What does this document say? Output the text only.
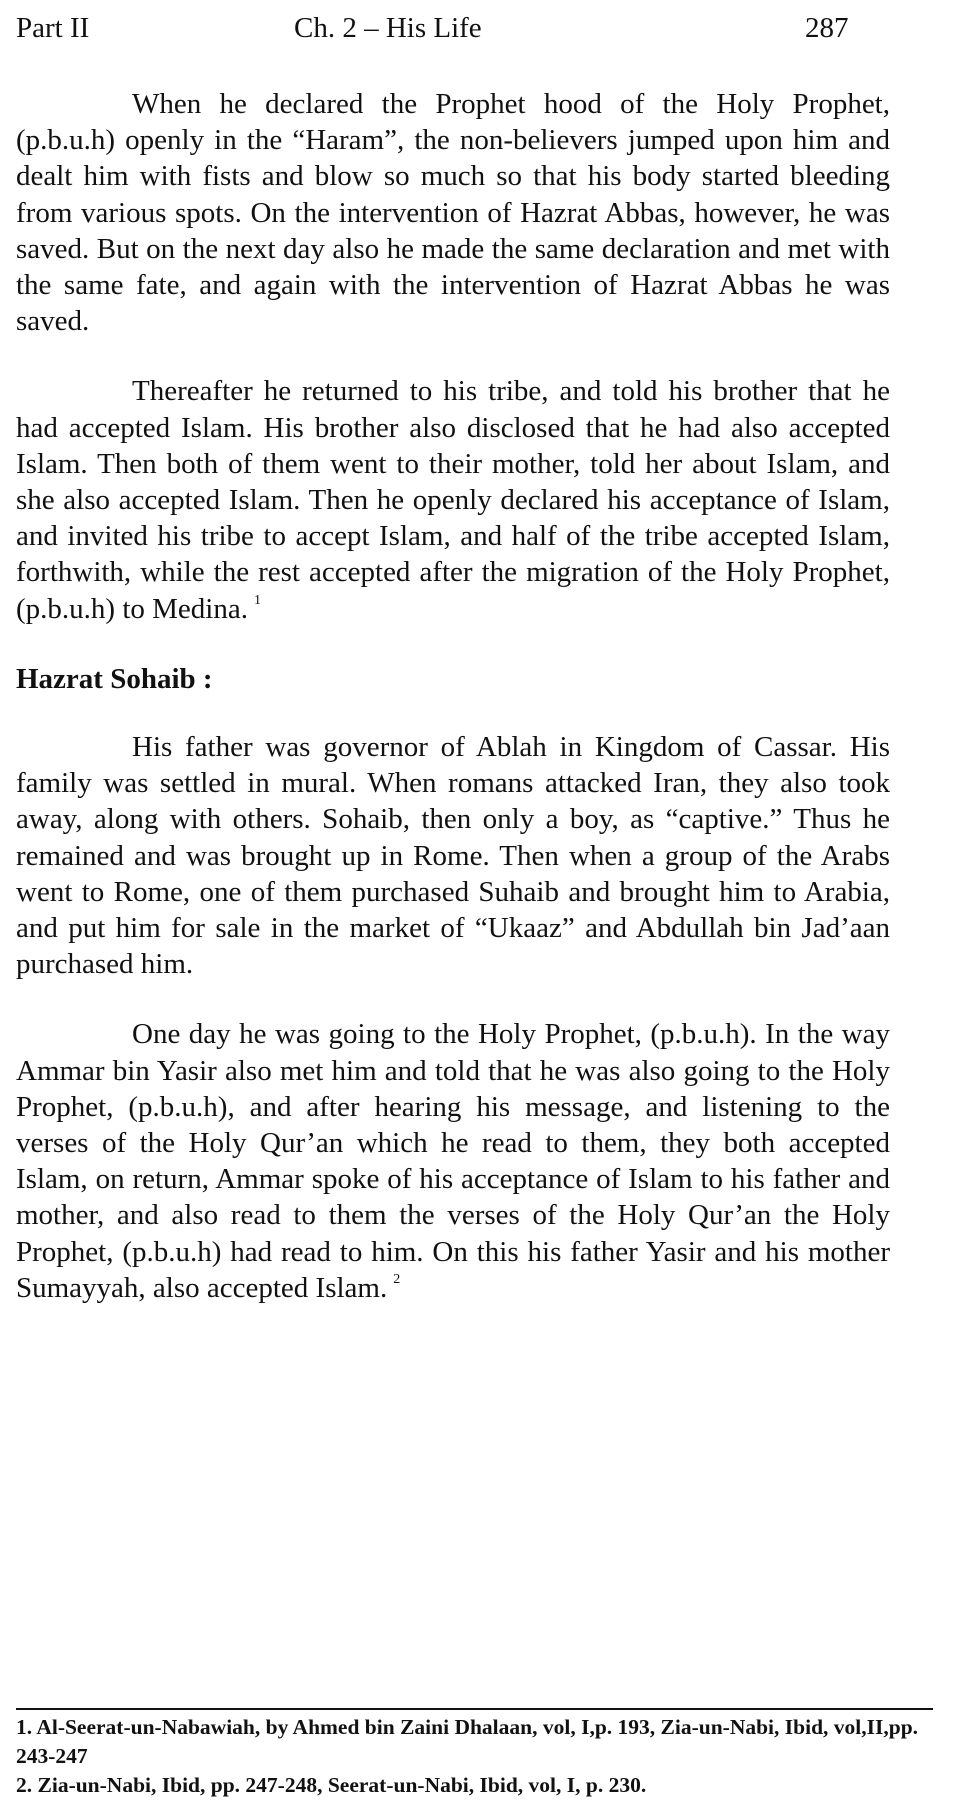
Part II	Ch. 2 – His Life	287

When he declared the Prophet hood of the Holy Prophet, (p.b.u.h) openly in the “Haram”, the non-believers jumped upon him and dealt him with fists and blow so much so that his body started bleeding from various spots. On the intervention of Hazrat Abbas, however, he was saved. But on the next day also he made the same declaration and met with the same fate, and again with the intervention of Hazrat Abbas he was saved.

Thereafter he returned to his tribe, and told his brother that he had accepted Islam. His brother also disclosed that he had also accepted Islam. Then both of them went to their mother, told her about Islam, and she also accepted Islam. Then he openly declared his acceptance of Islam, and invited his tribe to accept Islam, and half of the tribe accepted Islam, forthwith, while the rest accepted after the migration of the Holy Prophet, (p.b.u.h) to Medina. $^1$

Hazrat Sohaib :

His father was governor of Ablah in Kingdom of Cassar. His family was settled in mural. When romans attacked Iran, they also took away, along with others. Sohaib, then only a boy, as “captive.” Thus he remained and was brought up in Rome. Then when a group of the Arabs went to Rome, one of them purchased Suhaib and brought him to Arabia, and put him for sale in the market of “Ukaaz” and Abdullah bin Jad’aan purchased him.

One day he was going to the Holy Prophet, (p.b.u.h). In the way Ammar bin Yasir also met him and told that he was also going to the Holy Prophet, (p.b.u.h), and after hearing his message, and listening to the verses of the Holy Qur’an which he read to them, they both accepted Islam, on return, Ammar spoke of his acceptance of Islam to his father and mother, and also read to them the verses of the Holy Qur’an the Holy Prophet, (p.b.u.h) had read to him. On this his father Yasir and his mother Sumayyah, also accepted Islam. $^2$

1. Al-Seerat-un-Nabawiah, by Ahmed bin Zaini Dhalaan, vol, I,p. 193, Zia-un-Nabi, Ibid, vol,II,pp. 243-247

2. Zia-un-Nabi, Ibid, pp. 247-248, Seerat-un-Nabi, Ibid, vol, I, p. 230.
